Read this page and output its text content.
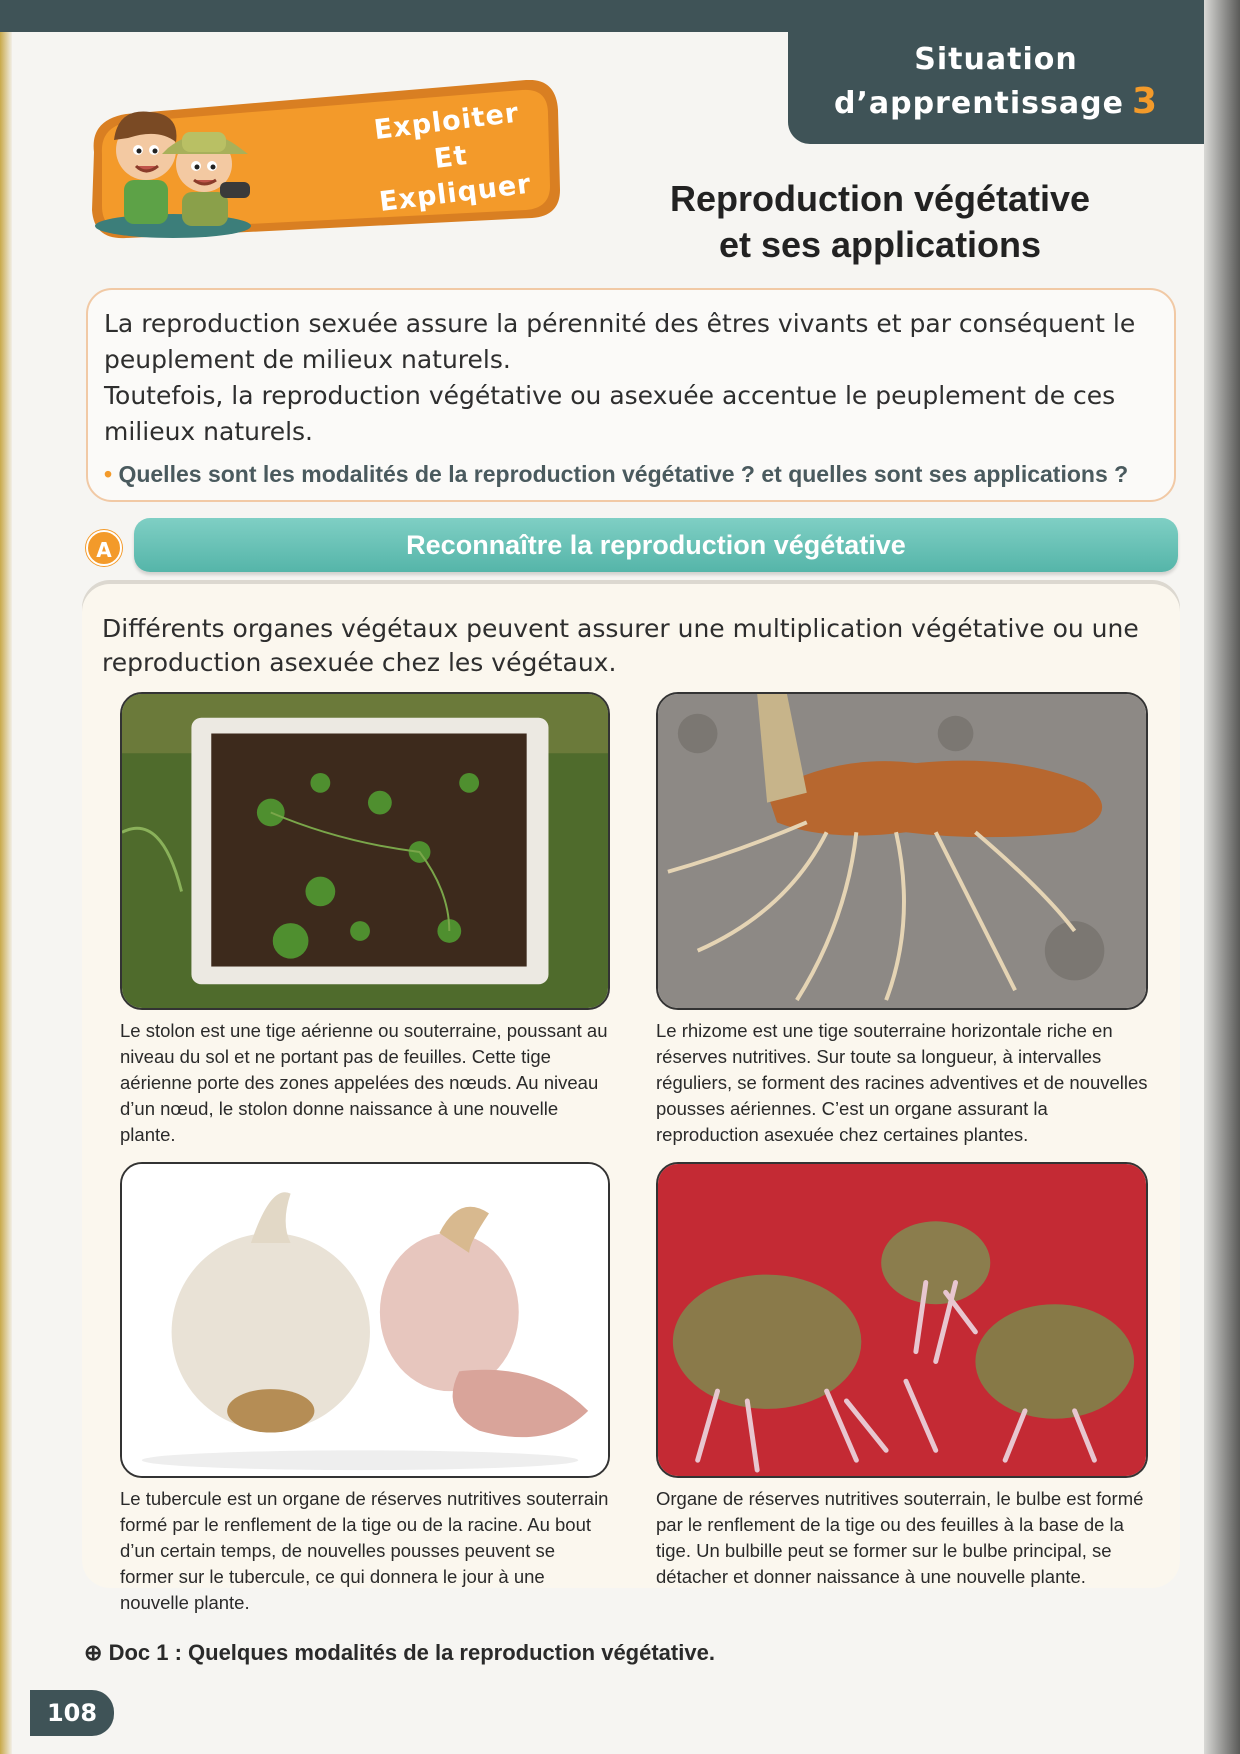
Situation
d’apprentissage 3
Exploiter
Et
Expliquer	Reproduction végétative
et ses applications

La reproduction sexuée assure la pérennité des êtres vivants et par conséquent le peuplement de milieux naturels.

Toutefois, la reproduction végétative ou asexuée accentue le peuplement de ces milieux naturels.

• Quelles sont les modalités de la reproduction végétative ? et quelles sont ses applications ?

A	Reconnaître la reproduction végétative
Différents organes végétaux peuvent assurer une multiplication végétative ou une reproduction asexuée chez les végétaux.
Le stolon est une tige aérienne ou souterraine, poussant au niveau du sol et ne portant pas de feuilles. Cette tige aérienne porte des zones appelées des nœuds. Au niveau d’un nœud, le stolon donne naissance à une nouvelle plante.
Le rhizome est une tige souterraine horizontale riche en réserves nutritives. Sur toute sa longueur, à intervalles réguliers, se forment des racines adventives et de nouvelles pousses aériennes. C’est un organe assurant la reproduction asexuée chez certaines plantes.
Le tubercule est un organe de réserves nutritives souterrain formé par le renflement de la tige ou de la racine. Au bout d’un certain temps, de nouvelles pousses peuvent se former sur le tubercule, ce qui donnera le jour à une nouvelle plante.
Organe de réserves nutritives souterrain, le bulbe est formé par le renflement de la tige ou des feuilles à la base de la tige. Un bulbille peut se former sur le bulbe principal, se détacher et donner naissance à une nouvelle plante.
⊕ Doc 1 : Quelques modalités de la reproduction végétative.
108
